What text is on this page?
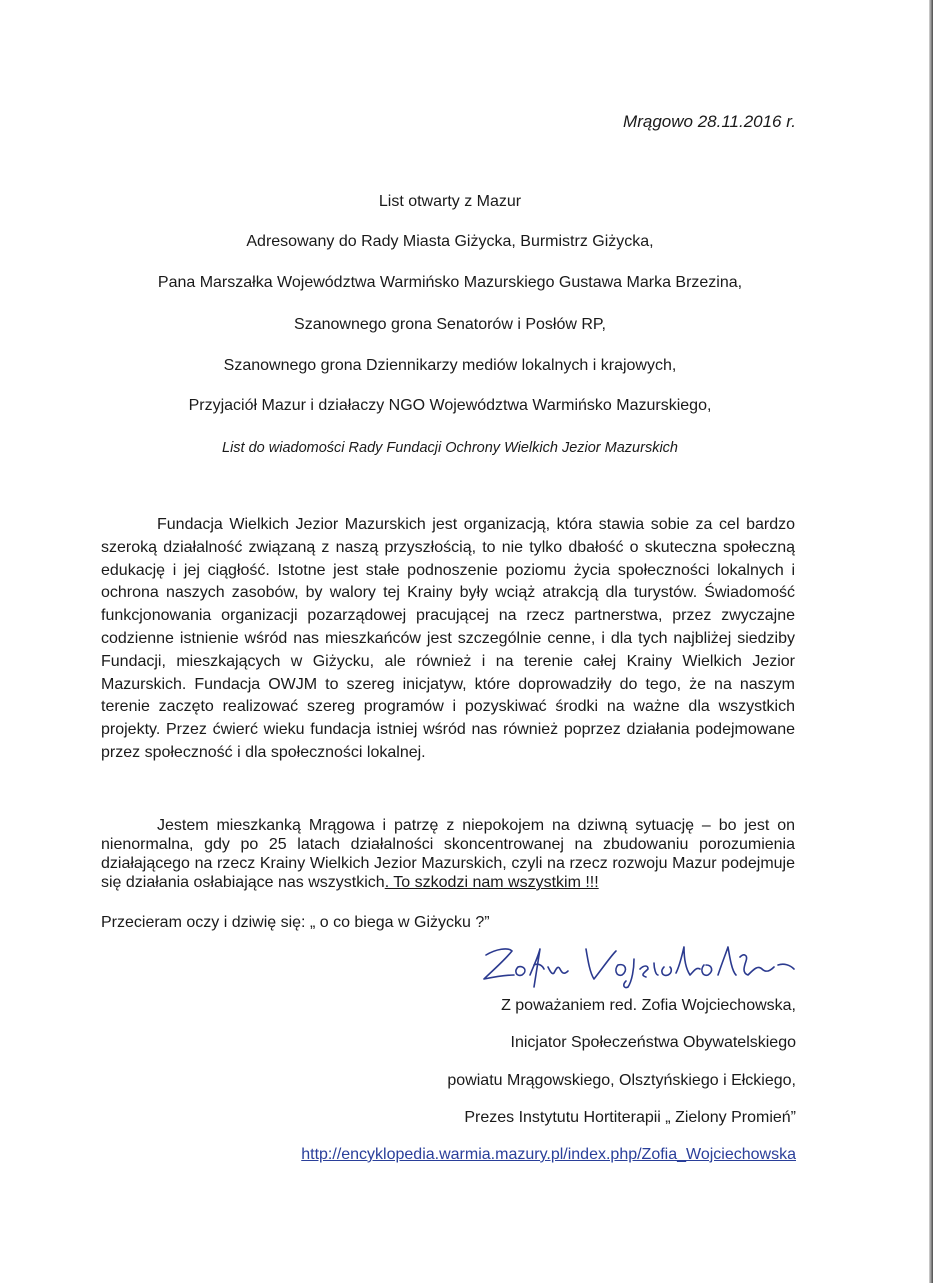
Mrągowo 28.11.2016 r.
List otwarty z Mazur
Adresowany do Rady Miasta Giżycka, Burmistrz Giżycka,
Pana Marszałka Województwa Warmińsko Mazurskiego Gustawa Marka Brzezina,
Szanownego grona Senatorów i Posłów RP,
Szanownego grona Dziennikarzy mediów lokalnych i krajowych,
Przyjaciół Mazur i działaczy NGO Województwa Warmińsko Mazurskiego,
List do wiadomości Rady Fundacji Ochrony Wielkich Jezior Mazurskich

Fundacja Wielkich Jezior Mazurskich jest organizacją, która stawia sobie za cel bardzo szeroką działalność związaną z naszą przyszłością, to nie tylko dbałość o skuteczna społeczną edukację i jej ciągłość. Istotne jest stałe podnoszenie poziomu życia społeczności lokalnych i ochrona naszych zasobów, by walory tej Krainy były wciąż atrakcją dla turystów. Świadomość funkcjonowania organizacji pozarządowej pracującej na rzecz partnerstwa, przez zwyczajne codzienne istnienie wśród nas mieszkańców jest szczególnie cenne, i dla tych najbliżej siedziby Fundacji, mieszkających w Giżycku, ale również i na terenie całej Krainy Wielkich Jezior Mazurskich. Fundacja OWJM to szereg inicjatyw, które doprowadziły do tego, że na naszym terenie zaczęto realizować szereg programów i pozyskiwać środki na ważne dla wszystkich projekty. Przez ćwierć wieku fundacja istniej wśród nas również poprzez działania podejmowane przez społeczność i dla społeczności lokalnej.

Jestem mieszkanką Mrągowa i patrzę z niepokojem na dziwną sytuację – bo jest on nienormalna, gdy po 25 latach działalności skoncentrowanej na zbudowaniu porozumienia działającego na rzecz Krainy Wielkich Jezior Mazurskich, czyli na rzecz rozwoju Mazur podejmuje się działania osłabiające nas wszystkich. To szkodzi nam wszystkim !!!

Przecieram oczy i dziwię się: „ o co biega w Giżycku ?”
Z poważaniem red. Zofia Wojciechowska,
Inicjator Społeczeństwa Obywatelskiego
powiatu Mrągowskiego, Olsztyńskiego i Ełckiego,
Prezes Instytutu Hortiterapii „ Zielony Promień”
http://encyklopedia.warmia.mazury.pl/index.php/Zofia_Wojciechowska
